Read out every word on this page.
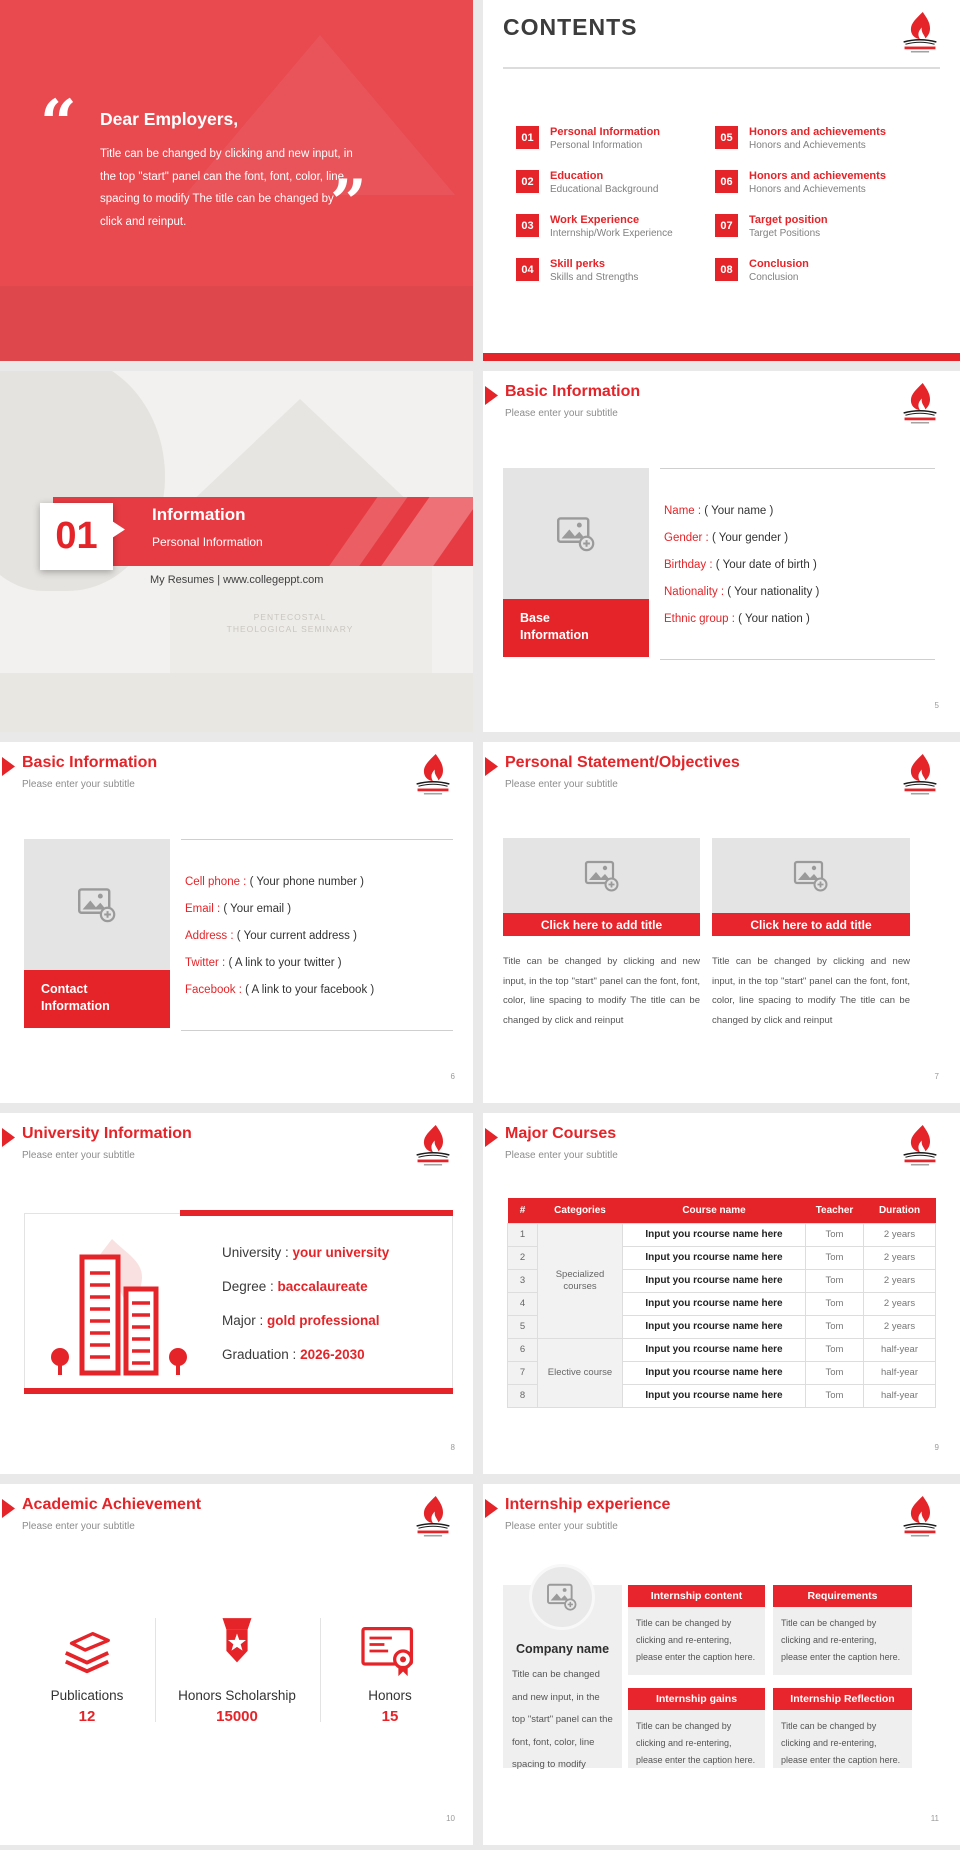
“ Dear Employers,
Title can be changed by clicking and new input, in the top "start" panel can the font, font, color, line spacing to modify The title can be changed by click and reinput.	”
CONTENTS
01	Personal Information
Personal Information
02	Education
Educational Background
03	Work Experience
Internship/Work Experience
04	Skill perks
Skills and Strengths
05	Honors and achievements
Honors and Achievements
06	Honors and achievements
Honors and Achievements
07	Target position
Target Positions
08	Conclusion
Conclusion
PENTECOSTAL
THEOLOGICAL SEMINARY
Information
Personal Information
01
My Resumes | www.collegeppt.com
Basic Information
Please enter your subtitle
Base
Information
Name : ( Your name )
Gender : ( Your gender )
Birthday : ( Your date of birth )
Nationality : ( Your nationality )
Ethnic group : ( Your nation )
5
Basic Information
Please enter your subtitle
Contact
Information
Cell phone : ( Your phone number )
Email : ( Your email )
Address : ( Your current address )
Twitter : ( A link to your twitter )
Facebook : ( A link to your facebook )
6
Personal Statement/Objectives
Please enter your subtitle
Click here to add title	Click here to add title
Title can be changed by clicking and new input, in the top "start" panel can the font, font, color, line spacing to modify The title can be changed by click and reinput
Title can be changed by clicking and new input, in the top "start" panel can the font, font, color, line spacing to modify The title can be changed by click and reinput
7
University Information
Please enter your subtitle
University : your university
Degree : baccalaureate
Major : gold professional
Graduation : 2026-2030
8
Major Courses
Please enter your subtitle
#	Categories	Course name	Teacher	Duration
1	Specialized courses	Input you rcourse name here	Tom	2 years
2		Input you rcourse name here	Tom	2 years
3		Input you rcourse name here	Tom	2 years
4		Input you rcourse name here	Tom	2 years
5		Input you rcourse name here	Tom	2 years
6	Elective course	Input you rcourse name here	Tom	half-year
7		Input you rcourse name here	Tom	half-year
8		Input you rcourse name here	Tom	half-year
9
Academic Achievement
Please enter your subtitle
Publications
12
Honors Scholarship
15000
Honors
15
10
Internship experience
Please enter your subtitle
Company name
Title can be changed and new input, in the top "start" panel can the font, font, color, line spacing to modify
Internship content
Title can be changed by clicking and re-entering, please enter the caption here.
Requirements
Title can be changed by clicking and re-entering, please enter the caption here.
Internship gains
Title can be changed by clicking and re-entering, please enter the caption here.
Internship Reflection
Title can be changed by clicking and re-entering, please enter the caption here.
11
